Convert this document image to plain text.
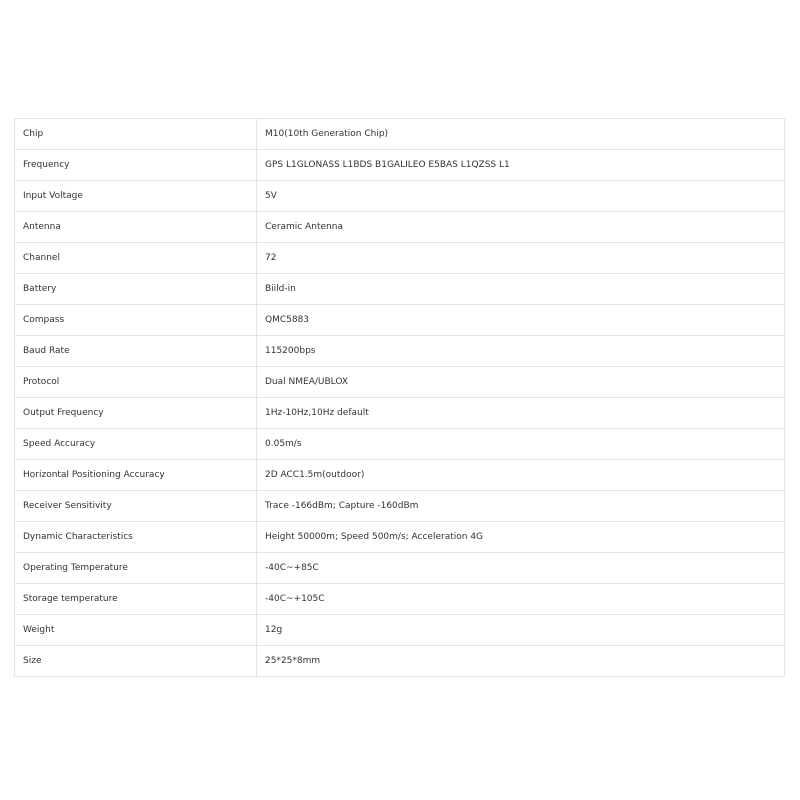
Chip	M10(10th Generation Chip)
Frequency	GPS L1GLONASS L1BDS B1GALILEO E5BAS L1QZSS L1
Input Voltage	5V
Antenna	Ceramic Antenna
Channel	72
Battery	Biild-in
Compass	QMC5883
Baud Rate	115200bps
Protocol	Dual NMEA/UBLOX
Output Frequency	1Hz-10Hz,10Hz default
Speed Accuracy	0.05m/s
Horizontal Positioning Accuracy	2D ACC1.5m(outdoor)
Receiver Sensitivity	Trace -166dBm; Capture -160dBm
Dynamic Characteristics	Height 50000m; Speed 500m/s; Acceleration 4G
Operating Temperature	-40C~+85C
Storage temperature	-40C~+105C
Weight	12g
Size	25*25*8mm
